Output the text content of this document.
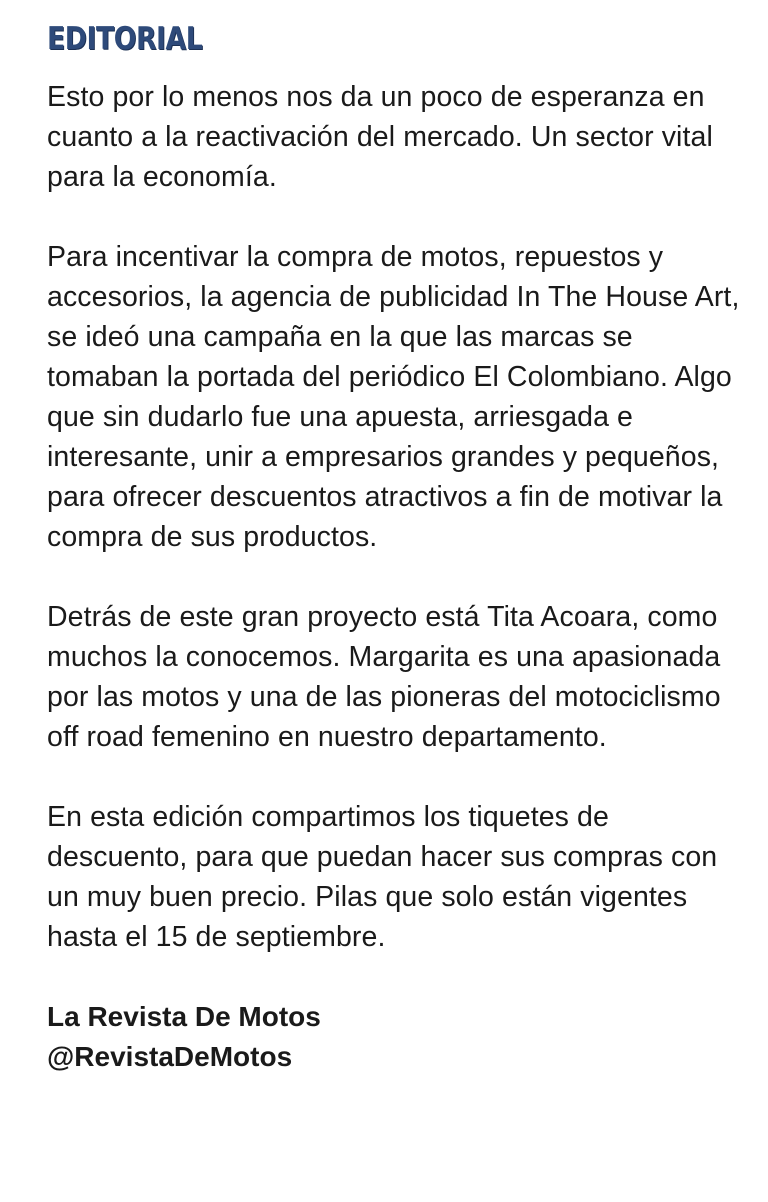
EDITORIAL

Esto por lo menos nos da un poco de esperanza en cuanto a la reactivación del mercado. Un sector vital para la economía.

Para incentivar la compra de motos, repuestos y accesorios, la agencia de publicidad In The House Art, se ideó una campaña en la que las marcas se tomaban la portada del periódico El Colombiano. Algo que sin dudarlo fue una apuesta, arriesgada e interesante, unir a empresarios grandes y pequeños, para ofrecer descuentos atractivos a fin de motivar la compra de sus productos.

Detrás de este gran proyecto está Tita Acoara, como muchos la conocemos. Margarita es una apasionada por las motos y una de las pioneras del motociclismo off road femenino en nuestro departamento.

En esta edición compartimos los tiquetes de descuento, para que puedan hacer sus compras con un muy buen precio. Pilas que solo están vigentes hasta el 15 de septiembre.

La Revista De Motos
@RevistaDeMotos
